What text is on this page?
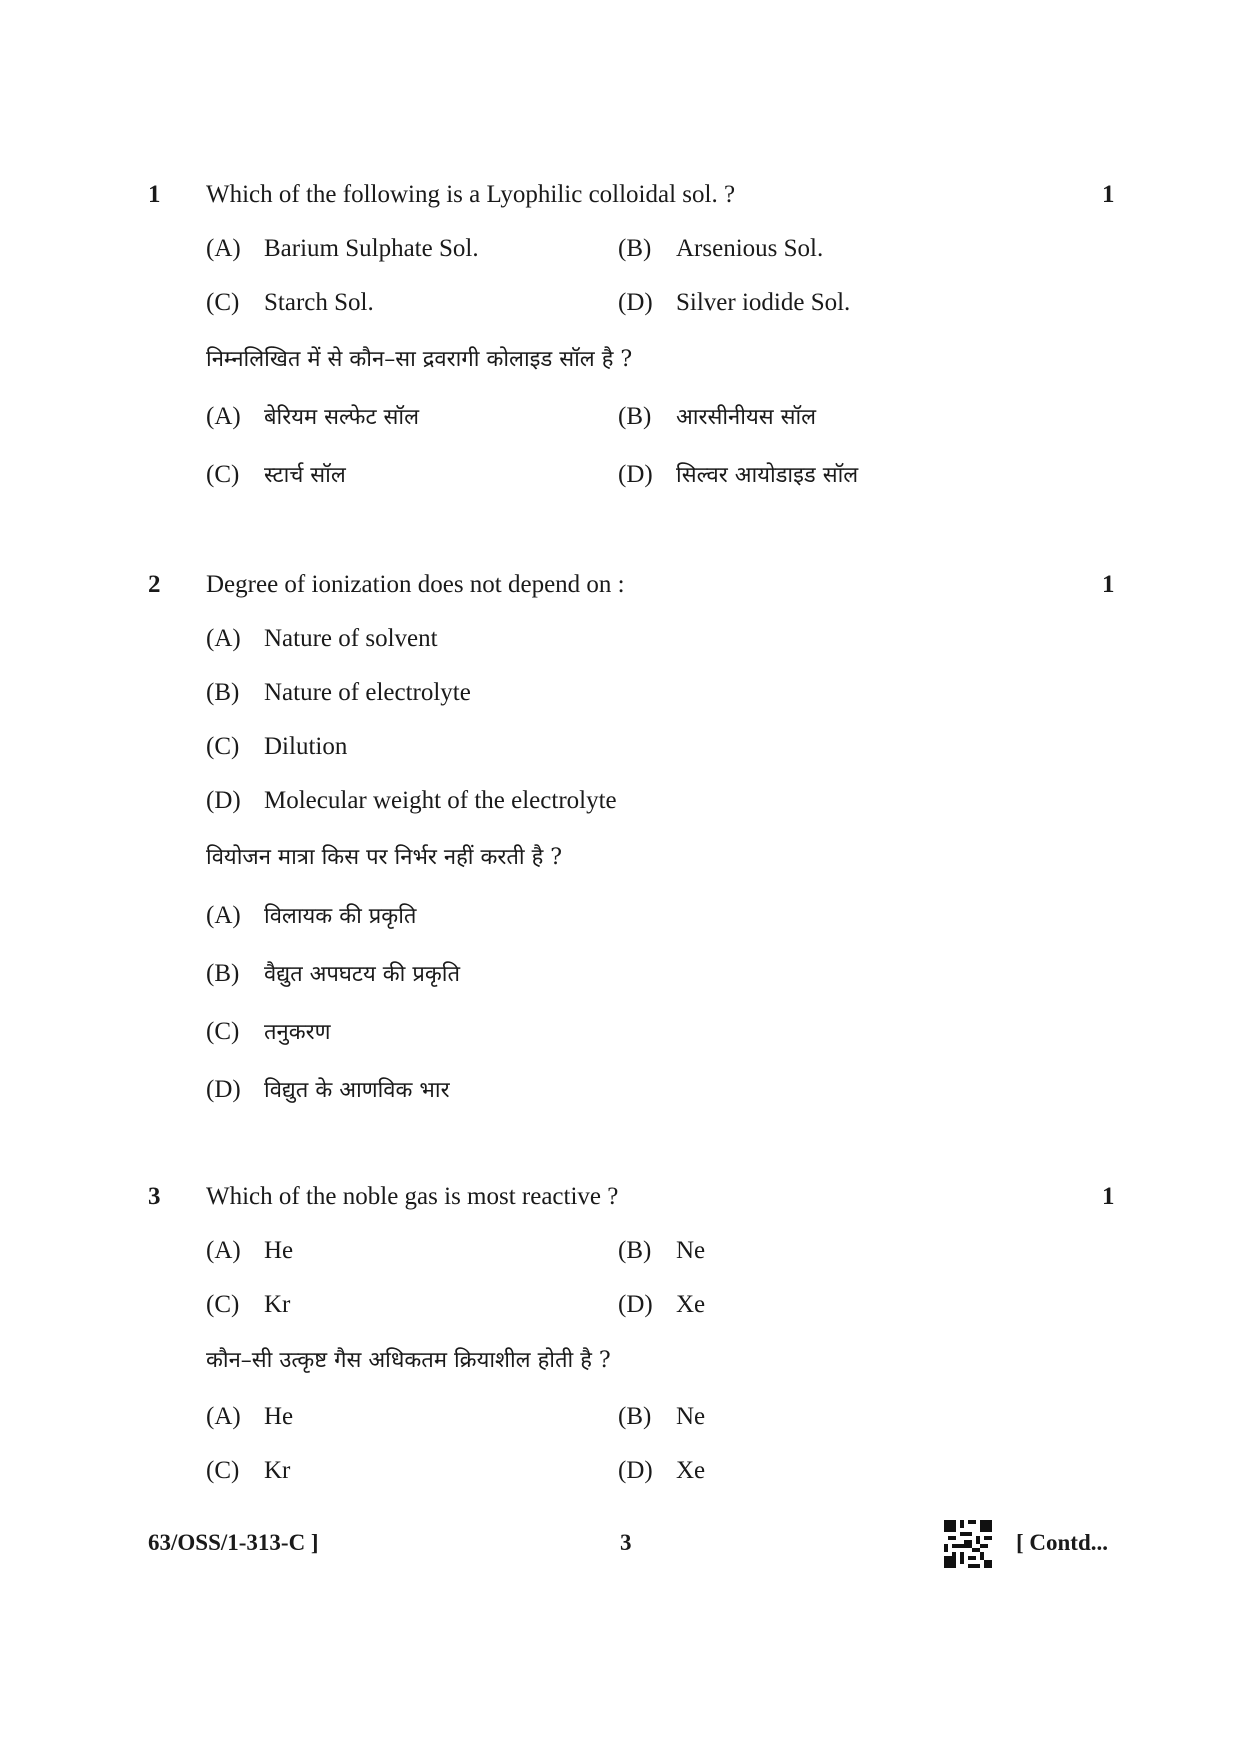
1 Which of the following is a Lyophilic colloidal sol. ?	1
(A) Barium Sulphate Sol.	(B) Arsenious Sol.
(C) Starch Sol.	(D) Silver iodide Sol.
निम्नलिखित में से कौन–सा द्रवरागी कोलाइड सॉल है ?
(A) बेरियम सल्फेट सॉल	(B) आरसीनीयस सॉल
(C) स्टार्च सॉल	(D) सिल्वर आयोडाइड सॉल
2 Degree of ionization does not depend on :	1
(A) Nature of solvent
(B) Nature of electrolyte
(C) Dilution
(D) Molecular weight of the electrolyte
वियोजन मात्रा किस पर निर्भर नहीं करती है ?
(A) विलायक की प्रकृति
(B) वैद्युत अपघटय की प्रकृति
(C) तनुकरण
(D) विद्युत के आणविक भार
3 Which of the noble gas is most reactive ?	1
(A) He	(B) Ne
(C) Kr	(D) Xe
कौन–सी उत्कृष्ट गैस अधिकतम क्रियाशील होती है ?
(A) He	(B) Ne
(C) Kr	(D) Xe
63/OSS/1-313-C ]	3	[ Contd...
